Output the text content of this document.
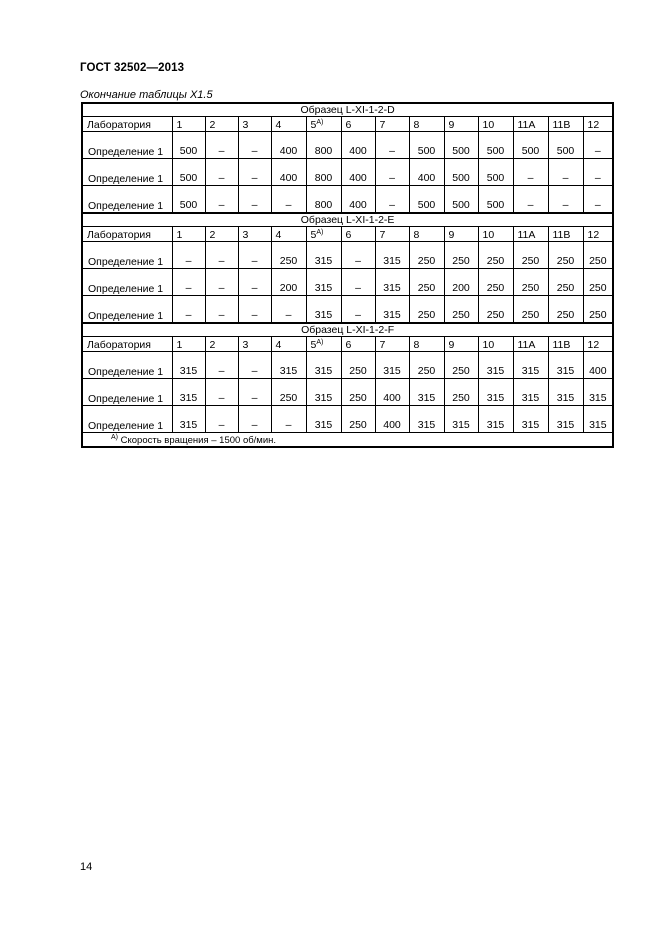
ГОСТ 32502—2013
Окончание таблицы Х1.5
Образец L-XI-1-2-D													
Лаборатория	1	2	3	4	$5^{А)}$	6	7	8	9	10	11A	11B	12
Определение 1	500	–	–	400	800	400	–	500	500	500	500	500	–
Определение 1	500	–	–	400	800	400	–	400	500	500	–	–	–
Определение 1	500	–	–	–	800	400	–	500	500	500	–	–	–
Образец L-XI-1-2-E													
Лаборатория	1	2	3	4	$5^{А)}$	6	7	8	9	10	11A	11B	12
Определение 1	–	–	–	250	315	–	315	250	250	250	250	250	250
Определение 1	–	–	–	200	315	–	315	250	200	250	250	250	250
Определение 1	–	–	–	–	315	–	315	250	250	250	250	250	250
Образец L-XI-1-2-F													
Лаборатория	1	2	3	4	$5^{А)}$	6	7	8	9	10	11A	11B	12
Определение 1	315	–	–	315	315	250	315	250	250	315	315	315	400
Определение 1	315	–	–	250	315	250	400	315	250	315	315	315	315
Определение 1	315	–	–	–	315	250	400	315	315	315	315	315	315
$^{А)}$ Скорость вращения – 1500 об/мин.													
14
